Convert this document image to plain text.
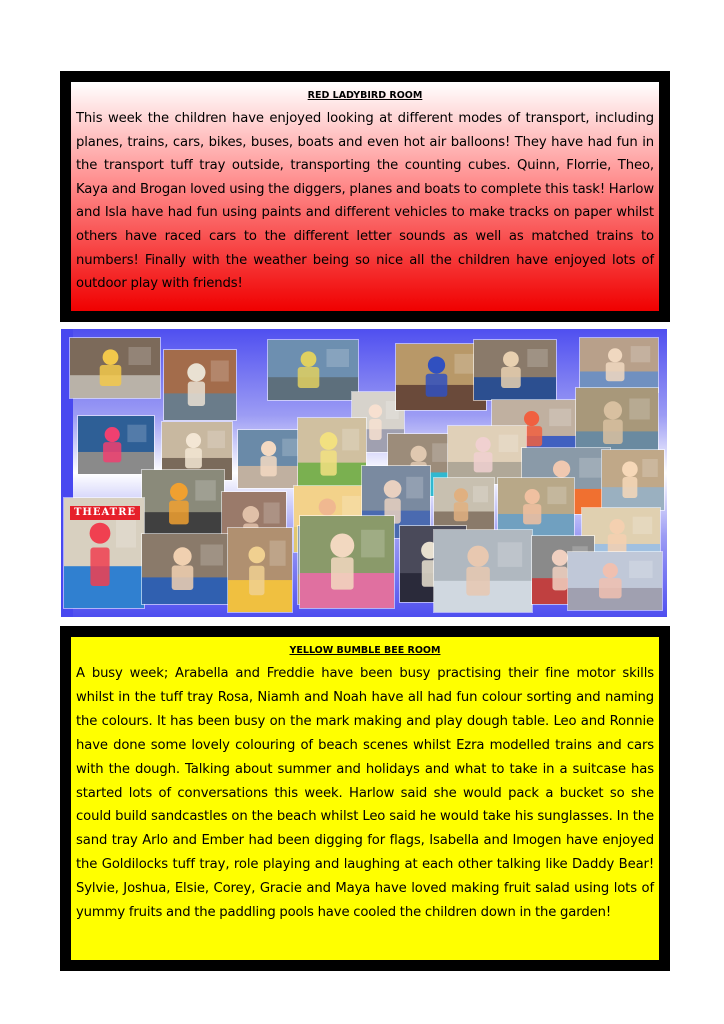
RED LADYBIRD ROOM

This week the children have enjoyed looking at different modes of transport, including planes, trains, cars, bikes, buses, boats and even hot air balloons! They have had fun in the transport tuff tray outside, transporting the counting cubes. Quinn, Florrie, Theo, Kaya and Brogan loved using the diggers, planes and boats to complete this task! Harlow and Isla have had fun using paints and different vehicles to make tracks on paper whilst others have raced cars to the different letter sounds as well as matched trains to numbers! Finally with the weather being so nice all the children have enjoyed lots of outdoor play with friends!

THEATRE
YELLOW BUMBLE BEE ROOM

A busy week; Arabella and Freddie have been busy practising their fine motor skills whilst in the tuff tray Rosa, Niamh and Noah have all had fun colour sorting and naming the colours. It has been busy on the mark making and play dough table. Leo and Ronnie have done some lovely colouring of beach scenes whilst Ezra modelled trains and cars with the dough. Talking about summer and holidays and what to take in a suitcase has started lots of conversations this week. Harlow said she would pack a bucket so she could build sandcastles on the beach whilst Leo said he would take his sunglasses. In the sand tray Arlo and Ember had been digging for flags, Isabella and Imogen have enjoyed the Goldilocks tuff tray, role playing and laughing at each other talking like Daddy Bear! Sylvie, Joshua, Elsie, Corey, Gracie and Maya have loved making fruit salad using lots of yummy fruits and the paddling pools have cooled the children down in the garden!
